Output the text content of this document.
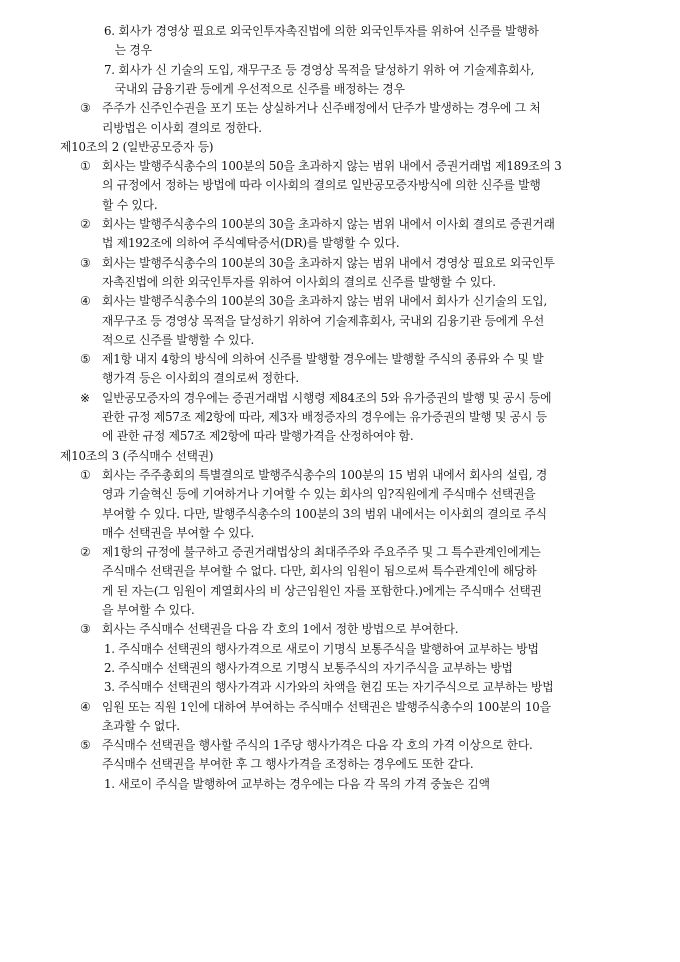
6. 회사가 경영상 필요로 외국인투자촉진법에 의한 외국인투자를 위하여 신주를 발행하
는 경우
7. 회사가 신 기술의 도입, 재무구조 등 경영상 목적을 달성하기 위하 여 기술제휴회사,
국내외 금융기관 등에게 우선적으로 신주를 배정하는 경우
③ 주주가 신주인수권을 포기 또는 상실하거나 신주배정에서 단주가 발생하는 경우에 그 처
리방법은 이사회 결의로 정한다.
제10조의 2 (일반공모증자 등)
① 회사는 발행주식총수의 100분의 50을 초과하지 않는 범위 내에서 증권거래법 제189조의 3
의 규정에서 정하는 방법에 따라 이사회의 결의로 일반공모증자방식에 의한 신주를 발행
할 수 있다.
② 회사는 발행주식총수의 100분의 30을 초과하지 않는 범위 내에서 이사회 결의로 증권거래
법 제192조에 의하여 주식예탁증서(DR)를 발행할 수 있다.
③ 회사는 발행주식총수의 100분의 30을 초과하지 않는 범위 내에서 경영상 필요로 외국인투
자촉진법에 의한 외국인투자를 위하여 이사회의 결의로 신주를 발행할 수 있다.
④ 회사는 발행주식총수의 100분의 30을 초과하지 않는 범위 내에서 회사가 신기술의 도입,
재무구조 등 경영상 목적을 달성하기 위하여 기술제휴회사, 국내외 김융기관 등에게 우선
적으로 신주를 발행할 수 있다.
⑤ 제1항 내지 4항의 방식에 의하여 신주를 발행할 경우에는 발행할 주식의 종류와 수 및 발
행가격 등은 이사회의 결의로써 정한다.
※ 일반공모증자의 경우에는 증권거래법 시행령 제84조의 5와 유가증권의 발행 및 공시 등에
관한 규정 제57조 제2항에 따라, 제3자 배정증자의 경우에는 유가증권의 발행 및 공시 등
에 관한 규정 제57조 제2항에 따라 발행가격을 산정하여야 함.
제10조의 3 (주식매수 선택권)
① 회사는 주주총회의 특별결의로 발행주식총수의 100분의 15 범위 내에서 회사의 설립, 경
영과 기술혁신 등에 기여하거나 기여할 수 있는 회사의 임?직원에게 주식매수 선택권을
부여할 수 있다. 다만, 발행주식총수의 100분의 3의 범위 내에서는 이사회의 결의로 주식
매수 선택권을 부여할 수 있다.
② 제1항의 규정에 불구하고 증권거래법상의 최대주주와 주요주주 및 그 특수관계인에게는
주식매수 선택권을 부여할 수 없다. 다만, 회사의 임원이 됨으로써 특수관계인에 해당하
게 된 자는(그 임원이 계열회사의 비 상근임원인 자를 포함한다.)에게는 주식매수 선택권
을 부여할 수 있다.
③ 회사는 주식매수 선택권을 다음 각 호의 1에서 정한 방법으로 부여한다.
1. 주식매수 선택권의 행사가격으로 새로이 기명식 보통주식을 발행하여 교부하는 방법
2. 주식매수 선택권의 행사가격으로 기명식 보통주식의 자기주식을 교부하는 방법
3. 주식매수 선택권의 행사가격과 시가와의 차액을 현김 또는 자기주식으로 교부하는 방법
④ 임원 또는 직원 1인에 대하여 부여하는 주식매수 선택권은 발행주식총수의 100분의 10을
초과할 수 없다.
⑤ 주식매수 선택권을 행사할 주식의 1주당 행사가격은 다음 각 호의 가격 이상으로 한다.
주식매수 선택권을 부여한 후 그 행사가격을 조정하는 경우에도 또한 같다.
1. 새로이 주식을 발행하여 교부하는 경우에는 다음 각 목의 가격 중높은 김액
